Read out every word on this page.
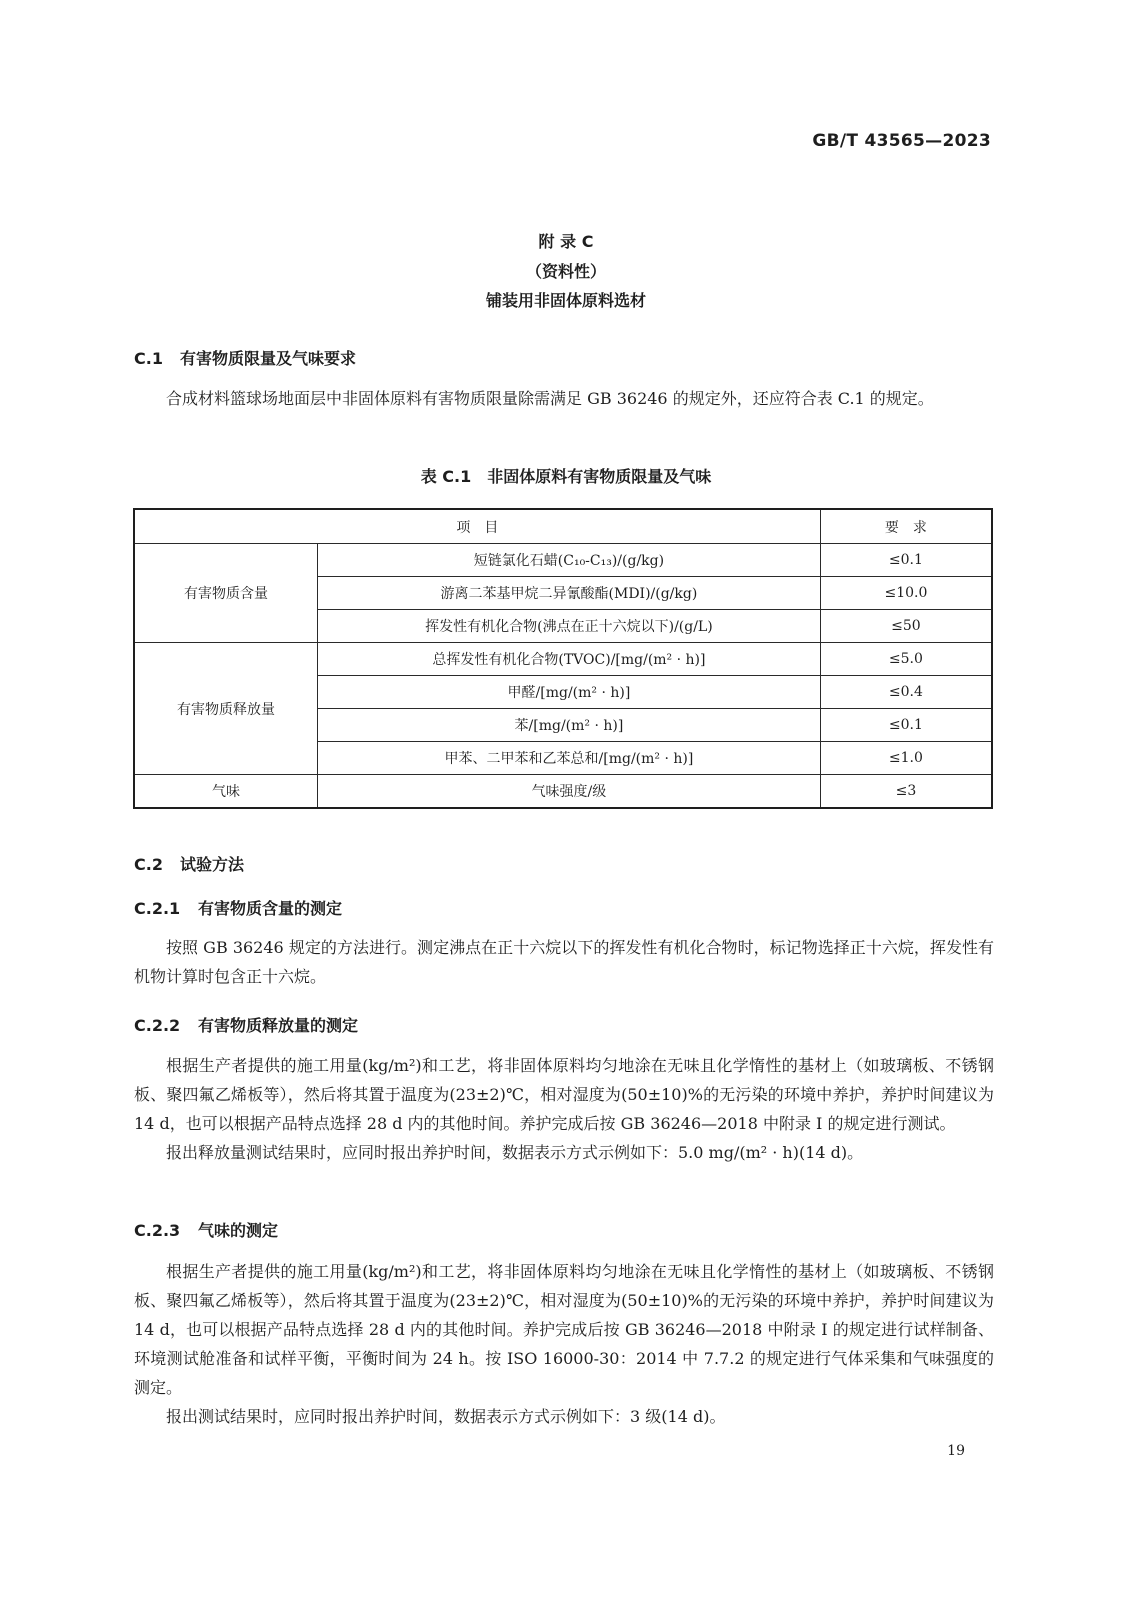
GB/T 43565—2023
附 录 C
（资料性）
铺装用非固体原料选材
C.1 有害物质限量及气味要求

合成材料篮球场地面层中非固体原料有害物质限量除需满足 GB 36246 的规定外，还应符合表 C.1 的规定。

表 C.1　非固体原料有害物质限量及气味
项　目		要　求
有害物质含量	短链氯化石蜡(C₁₀-C₁₃)/(g/kg)	≤0.1
	游离二苯基甲烷二异氰酸酯(MDI)/(g/kg)	≤10.0
	挥发性有机化合物(沸点在正十六烷以下)/(g/L)	≤50
有害物质释放量	总挥发性有机化合物(TVOC)/[mg/(m² · h)]	≤5.0
	甲醛/[mg/(m² · h)]	≤0.4
	苯/[mg/(m² · h)]	≤0.1
	甲苯、二甲苯和乙苯总和/[mg/(m² · h)]	≤1.0
气味	气味强度/级	≤3
C.2 试验方法
C.2.1 有害物质含量的测定

按照 GB 36246 规定的方法进行。测定沸点在正十六烷以下的挥发性有机化合物时，标记物选择正十六烷，挥发性有机物计算时包含正十六烷。

C.2.2 有害物质释放量的测定

根据生产者提供的施工用量(kg/m²)和工艺，将非固体原料均匀地涂在无味且化学惰性的基材上（如玻璃板、不锈钢板、聚四氟乙烯板等），然后将其置于温度为(23±2)℃，相对湿度为(50±10)%的无污染的环境中养护，养护时间建议为 14 d，也可以根据产品特点选择 28 d 内的其他时间。养护完成后按 GB 36246—2018 中附录 I 的规定进行测试。

报出释放量测试结果时，应同时报出养护时间，数据表示方式示例如下：5.0 mg/(m² · h)(14 d)。

C.2.3 气味的测定

根据生产者提供的施工用量(kg/m²)和工艺，将非固体原料均匀地涂在无味且化学惰性的基材上（如玻璃板、不锈钢板、聚四氟乙烯板等），然后将其置于温度为(23±2)℃，相对湿度为(50±10)%的无污染的环境中养护，养护时间建议为 14 d，也可以根据产品特点选择 28 d 内的其他时间。养护完成后按 GB 36246—2018 中附录 I 的规定进行试样制备、环境测试舱准备和试样平衡，平衡时间为 24 h。按 ISO 16000-30：2014 中 7.7.2 的规定进行气体采集和气味强度的测定。

报出测试结果时，应同时报出养护时间，数据表示方式示例如下：3 级(14 d)。

19
